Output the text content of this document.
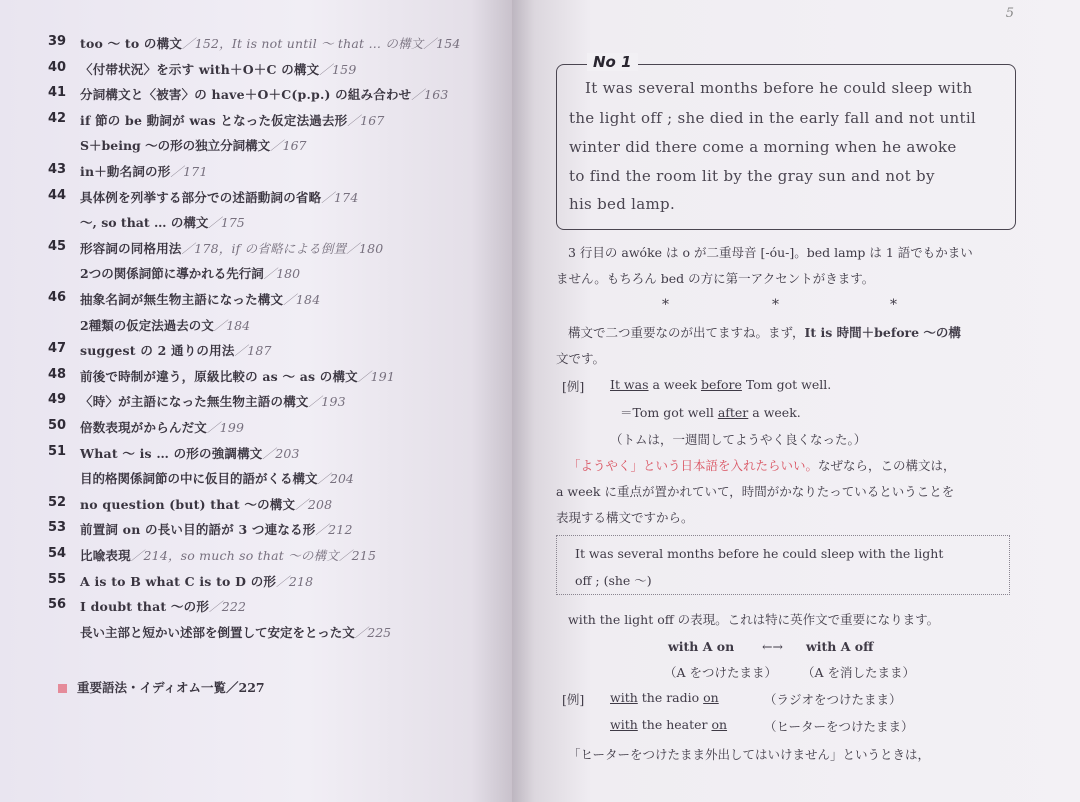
39 too ～ to の構文／152，It is not until ～ that … の構文／154
40 〈付帯状況〉を示す with＋O＋C の構文／159
41 分詞構文と〈被害〉の have＋O＋C(p.p.) の組み合わせ／163
42 if 節の be 動詞が was となった仮定法過去形／167
S＋being ～の形の独立分詞構文／167
43 in＋動名詞の形／171
44 具体例を列挙する部分での述語動詞の省略／174
～, so that … の構文／175
45 形容詞の同格用法／178，if の省略による倒置／180
2つの関係詞節に導かれる先行詞／180
46 抽象名詞が無生物主語になった構文／184
2種類の仮定法過去の文／184
47 suggest の 2 通りの用法／187
48 前後で時制が違う，原級比較の as ～ as の構文／191
49 〈時〉が主語になった無生物主語の構文／193
50 倍数表現がからんだ文／199
51 What ～ is … の形の強調構文／203
目的格関係詞節の中に仮目的語がくる構文／204
52 no question (but) that ～の構文／208
53 前置詞 on の長い目的語が 3 つ連なる形／212
54 比喩表現／214，so much so that ～の構文／215
55 A is to B what C is to D の形／218
56 I doubt that ～の形／222
長い主部と短かい述部を倒置して安定をとった文／225
重要語法・イディオム一覧／227
5
No 1
It was several months before he could sleep with
the light off ; she died in the early fall and not until
winter did there come a morning when he awoke
to find the room lit by the gray sun and not by
his bed lamp.
3 行目の awóke は o が二重母音 [-óu-]。bed lamp は 1 語でもかまい
ません。もちろん bed の方に第一アクセントがきます。
*	*	*
構文で二つ重要なのが出てますね。まず，It is 時間＋before ～の構
文です。
[例] It was a week before Tom got well.
＝Tom got well after a week.
（トムは，一週間してようやく良くなった。）
「ようやく」という日本語を入れたらいい。なぜなら，この構文は，
a week に重点が置かれていて，時間がかなりたっているということを
表現する構文ですから。
It was several months before he could sleep with the light
off ; (she ～)
with the light off の表現。これは特に英作文で重要になります。
with A on ←→ with A off
（A をつけたまま） （A を消したまま）
[例] with the radio on	（ラジオをつけたまま）
with the heater on	（ヒーターをつけたまま）
「ヒーターをつけたまま外出してはいけません」というときは，
